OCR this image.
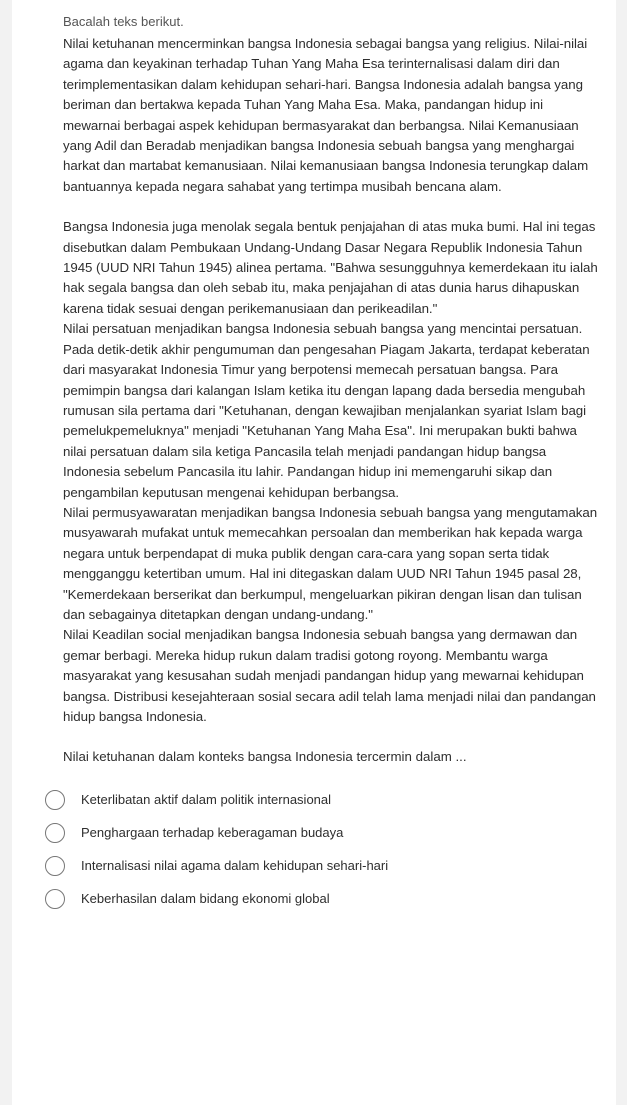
Bacalah teks berikut.

Nilai ketuhanan mencerminkan bangsa Indonesia sebagai bangsa yang religius. Nilai-nilai agama dan keyakinan terhadap Tuhan Yang Maha Esa terinternalisasi dalam diri dan terimplementasikan dalam kehidupan sehari-hari. Bangsa Indonesia adalah bangsa yang beriman dan bertakwa kepada Tuhan Yang Maha Esa. Maka, pandangan hidup ini mewarnai berbagai aspek kehidupan bermasyarakat dan berbangsa. Nilai Kemanusiaan yang Adil dan Beradab menjadikan bangsa Indonesia sebuah bangsa yang menghargai harkat dan martabat kemanusiaan. Nilai kemanusiaan bangsa Indonesia terungkap dalam bantuannya kepada negara sahabat yang tertimpa musibah bencana alam.

Bangsa Indonesia juga menolak segala bentuk penjajahan di atas muka bumi. Hal ini tegas disebutkan dalam Pembukaan Undang-Undang Dasar Negara Republik Indonesia Tahun 1945 (UUD NRI Tahun 1945) alinea pertama. "Bahwa sesungguhnya kemerdekaan itu ialah hak segala bangsa dan oleh sebab itu, maka penjajahan di atas dunia harus dihapuskan karena tidak sesuai dengan perikemanusiaan dan perikeadilan."

Nilai persatuan menjadikan bangsa Indonesia sebuah bangsa yang mencintai persatuan. Pada detik-detik akhir pengumuman dan pengesahan Piagam Jakarta, terdapat keberatan dari masyarakat Indonesia Timur yang berpotensi memecah persatuan bangsa. Para pemimpin bangsa dari kalangan Islam ketika itu dengan lapang dada bersedia mengubah rumusan sila pertama dari "Ketuhanan, dengan kewajiban menjalankan syariat Islam bagi pemelukpemeluknya" menjadi "Ketuhanan Yang Maha Esa". Ini merupakan bukti bahwa nilai persatuan dalam sila ketiga Pancasila telah menjadi pandangan hidup bangsa Indonesia sebelum Pancasila itu lahir. Pandangan hidup ini memengaruhi sikap dan pengambilan keputusan mengenai kehidupan berbangsa.

Nilai permusyawaratan menjadikan bangsa Indonesia sebuah bangsa yang mengutamakan musyawarah mufakat untuk memecahkan persoalan dan memberikan hak kepada warga negara untuk berpendapat di muka publik dengan cara-cara yang sopan serta tidak mengganggu ketertiban umum. Hal ini ditegaskan dalam UUD NRI Tahun 1945 pasal 28, "Kemerdekaan berserikat dan berkumpul, mengeluarkan pikiran dengan lisan dan tulisan dan sebagainya ditetapkan dengan undang-undang."

Nilai Keadilan social menjadikan bangsa Indonesia sebuah bangsa yang dermawan dan gemar berbagi. Mereka hidup rukun dalam tradisi gotong royong. Membantu warga masyarakat yang kesusahan sudah menjadi pandangan hidup yang mewarnai kehidupan bangsa. Distribusi kesejahteraan sosial secara adil telah lama menjadi nilai dan pandangan hidup bangsa Indonesia.

Nilai ketuhanan dalam konteks bangsa Indonesia tercermin dalam ...

Keterlibatan aktif dalam politik internasional
Penghargaan terhadap keberagaman budaya
Internalisasi nilai agama dalam kehidupan sehari-hari
Keberhasilan dalam bidang ekonomi global
